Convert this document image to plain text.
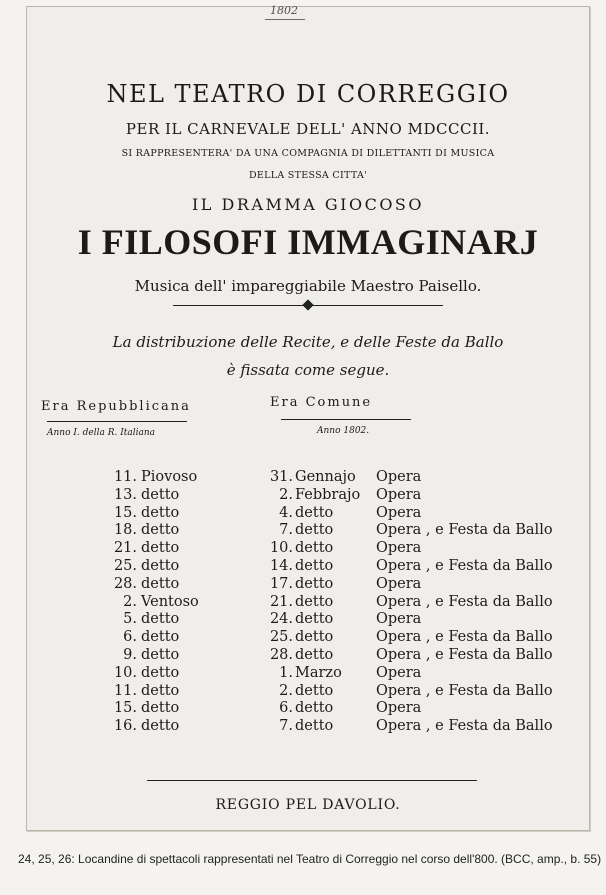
1802
NEL TEATRO DI CORREGGIO
PER IL CARNEVALE DELL' ANNO MDCCCII.
SI RAPPRESENTERA' DA UNA COMPAGNIA DI DILETTANTI DI MUSICA
DELLA STESSA CITTA'
IL DRAMMA GIOCOSO
I FILOSOFI IMMAGINARJ
Musica dell' impareggiabile Maestro Paisello.
La distribuzione delle Recite, e delle Feste da Ballo
è fissata come segue.
Era Repubblicana	Era Comune
Anno I. della R. Italiana	Anno 1802.
11. Piovoso	31. Gennajo Opera
13. detto	2. Febbrajo Opera
15. detto	4. detto	Opera
18. detto	7. detto	Opera , e Festa da Ballo
21. detto	10. detto	Opera
25. detto	14. detto	Opera , e Festa da Ballo
28. detto	17. detto	Opera
2. Ventoso	21. detto	Opera , e Festa da Ballo
5. detto	24. detto	Opera
6. detto	25. detto	Opera , e Festa da Ballo
9. detto	28. detto	Opera , e Festa da Ballo
10. detto	1. Marzo Opera
11. detto	2. detto	Opera , e Festa da Ballo
15. detto	6. detto	Opera
16. detto	7. detto	Opera , e Festa da Ballo
REGGIO PEL DAVOLIO.
24, 25, 26: Locandine di spettacoli rappresentati nel Teatro di Correggio nel corso dell'800. (BCC, amp., b. 55)
